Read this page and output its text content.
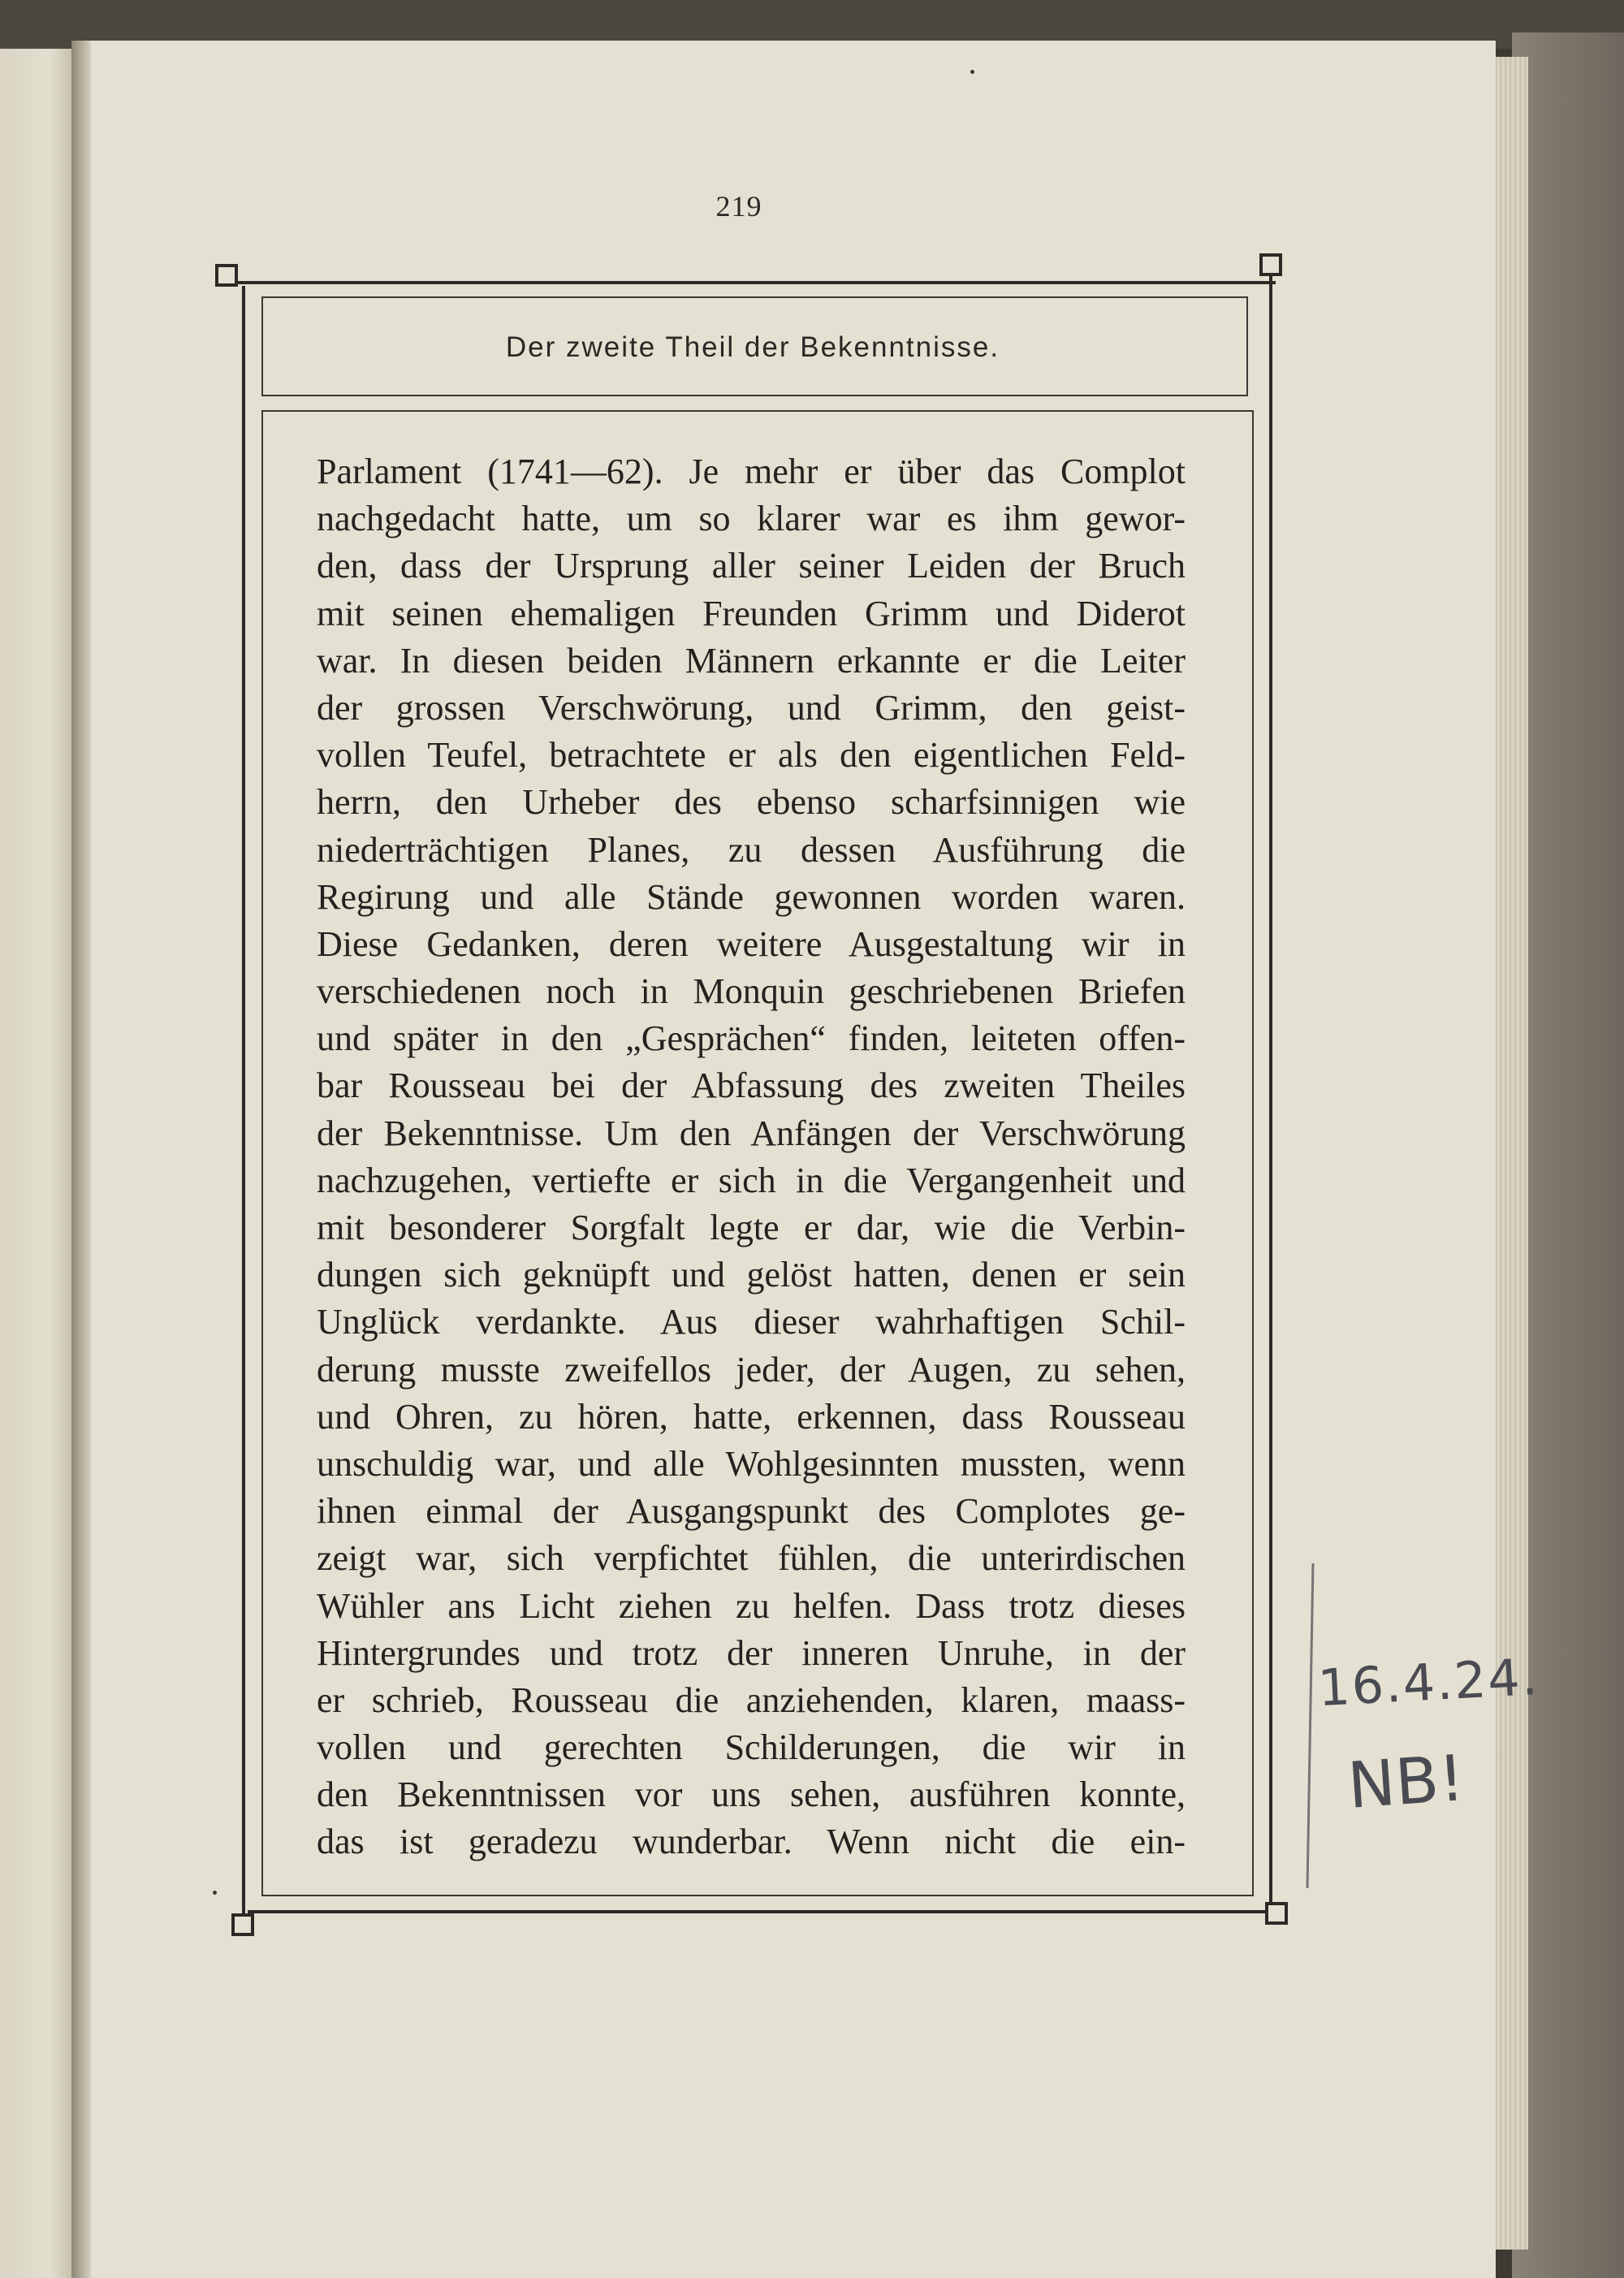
219
Der zweite Theil der Bekenntnisse.
Parlament (1741—62). Je mehr er über das Complot
nachgedacht hatte, um so klarer war es ihm gewor-
den, dass der Ursprung aller seiner Leiden der Bruch
mit seinen ehemaligen Freunden Grimm und Diderot
war. In diesen beiden Männern erkannte er die Leiter
der grossen Verschwörung, und Grimm, den geist-
vollen Teufel, betrachtete er als den eigentlichen Feld-
herrn, den Urheber des ebenso scharfsinnigen wie
niederträchtigen Planes, zu dessen Ausführung die
Regirung und alle Stände gewonnen worden waren.
Diese Gedanken, deren weitere Ausgestaltung wir in
verschiedenen noch in Monquin geschriebenen Briefen
und später in den „Gesprächen“ finden, leiteten offen-
bar Rousseau bei der Abfassung des zweiten Theiles
der Bekenntnisse. Um den Anfängen der Verschwörung
nachzugehen, vertiefte er sich in die Vergangenheit und
mit besonderer Sorgfalt legte er dar, wie die Verbin-
dungen sich geknüpft und gelöst hatten, denen er sein
Unglück verdankte. Aus dieser wahrhaftigen Schil-
derung musste zweifellos jeder, der Augen, zu sehen,
und Ohren, zu hören, hatte, erkennen, dass Rousseau
unschuldig war, und alle Wohlgesinnten mussten, wenn
ihnen einmal der Ausgangspunkt des Complotes ge-
zeigt war, sich verpfichtet fühlen, die unterirdischen
Wühler ans Licht ziehen zu helfen. Dass trotz dieses
Hintergrundes und trotz der inneren Unruhe, in der
er schrieb, Rousseau die anziehenden, klaren, maass-
vollen und gerechten Schilderungen, die wir in
den Bekenntnissen vor uns sehen, ausführen konnte,
das ist geradezu wunderbar. Wenn nicht die ein-
16.4.24.
NB!
